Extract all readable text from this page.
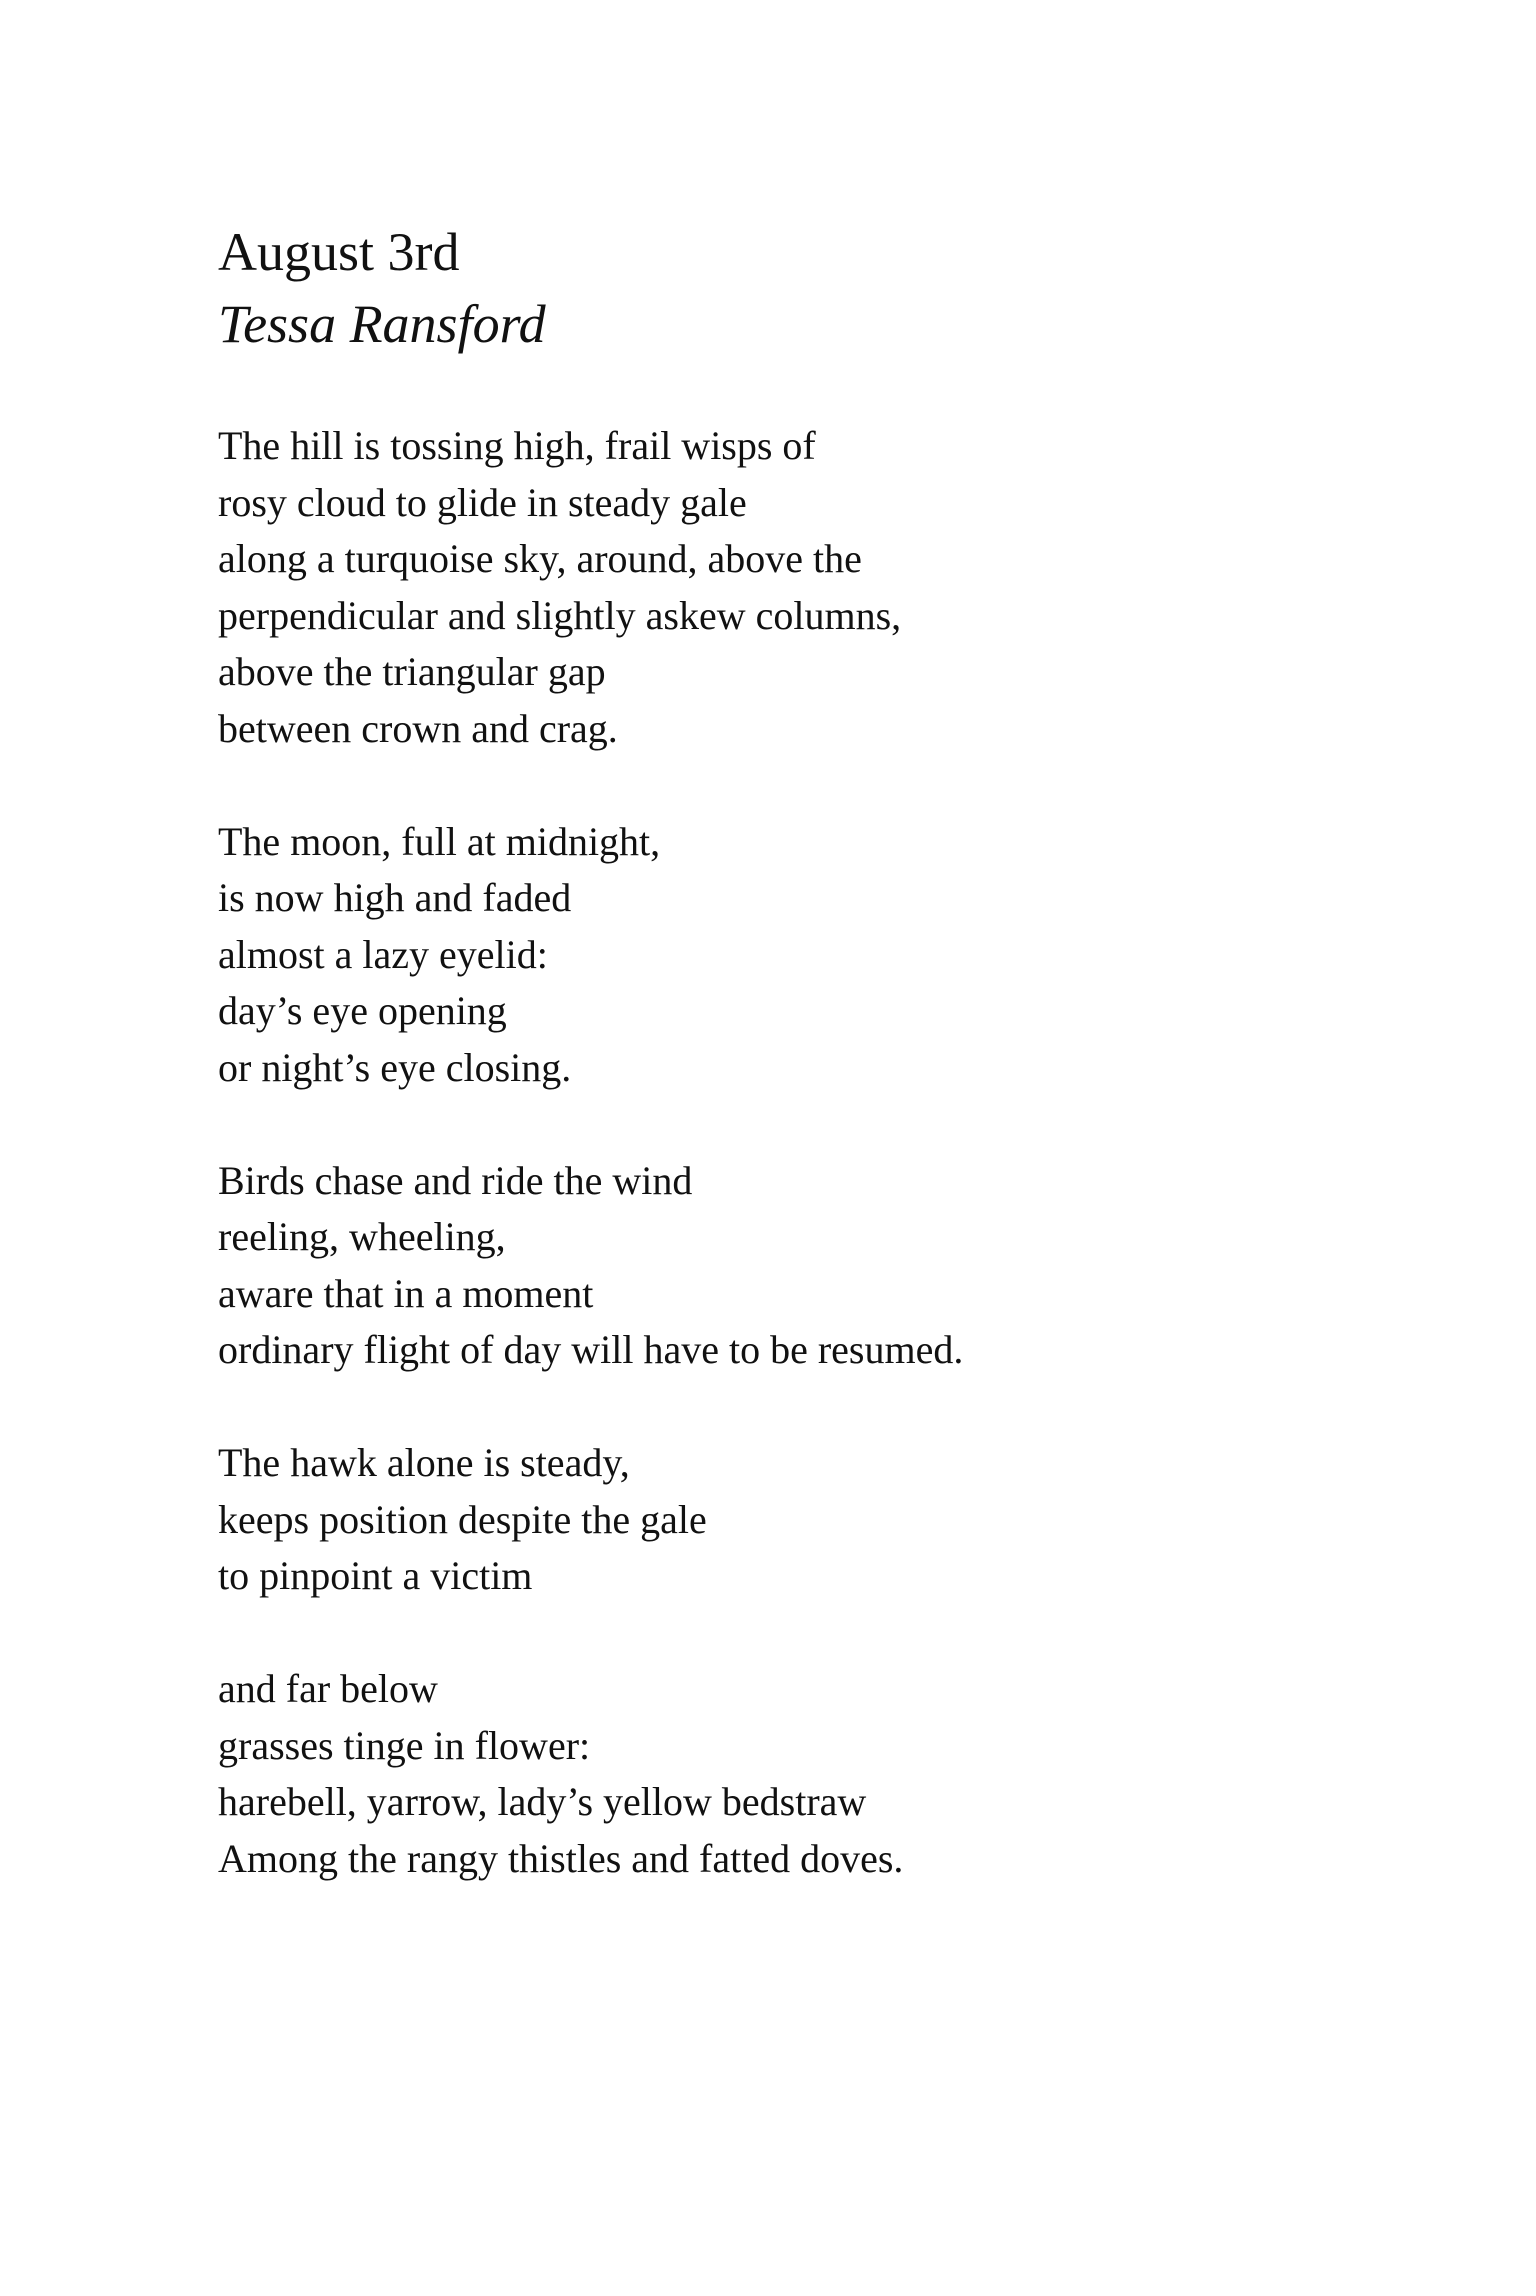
August 3rd
Tessa Ransford
The hill is tossing high, frail wisps of
rosy cloud to glide in steady gale
along a turquoise sky, around, above the
perpendicular and slightly askew columns,
above the triangular gap
between crown and crag.
The moon, full at midnight,
is now high and faded
almost a lazy eyelid:
day’s eye opening
or night’s eye closing.
Birds chase and ride the wind
reeling, wheeling,
aware that in a moment
ordinary flight of day will have to be resumed.
The hawk alone is steady,
keeps position despite the gale
to pinpoint a victim
and far below
grasses tinge in flower:
harebell, yarrow, lady’s yellow bedstraw
Among the rangy thistles and fatted doves.
